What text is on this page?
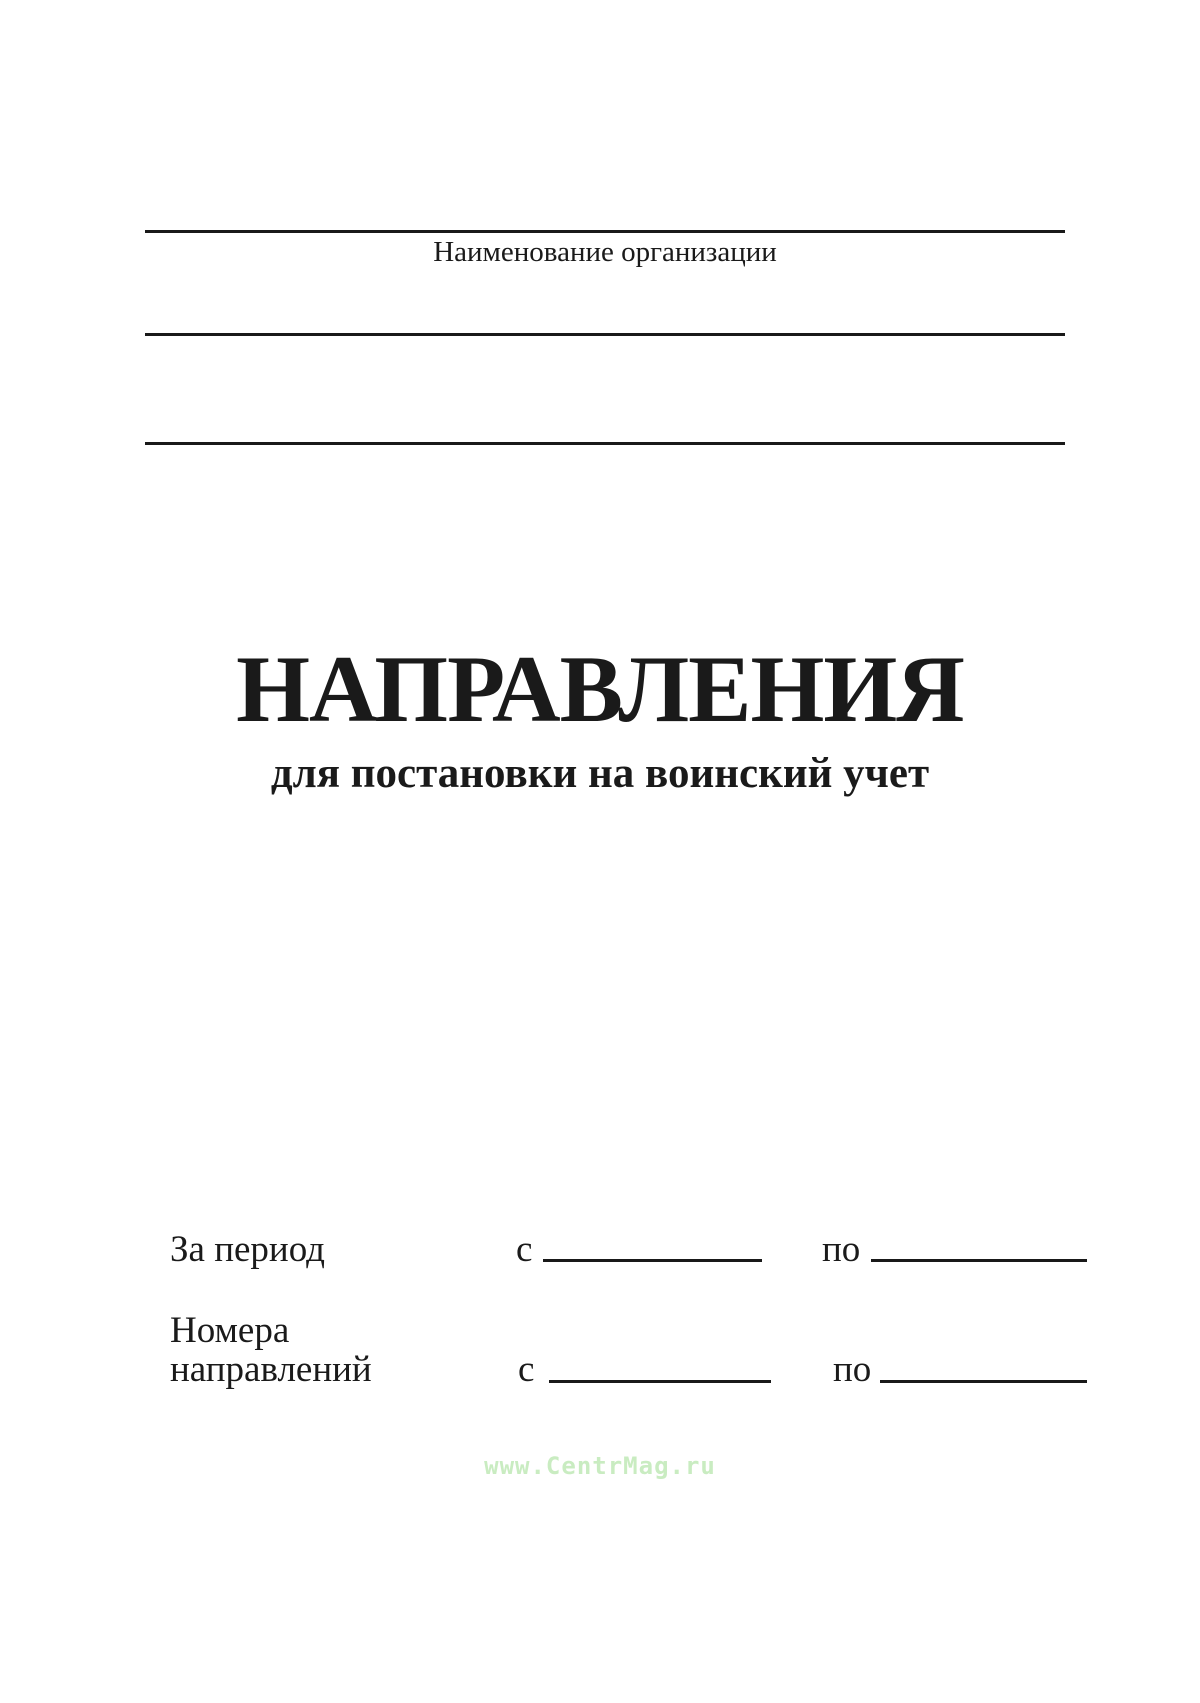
Наименование организации
НАПРАВЛЕНИЯ
для постановки на воинский учет
За период	с	по
Номера
направлений	с	по
www.CentrMag.ru
